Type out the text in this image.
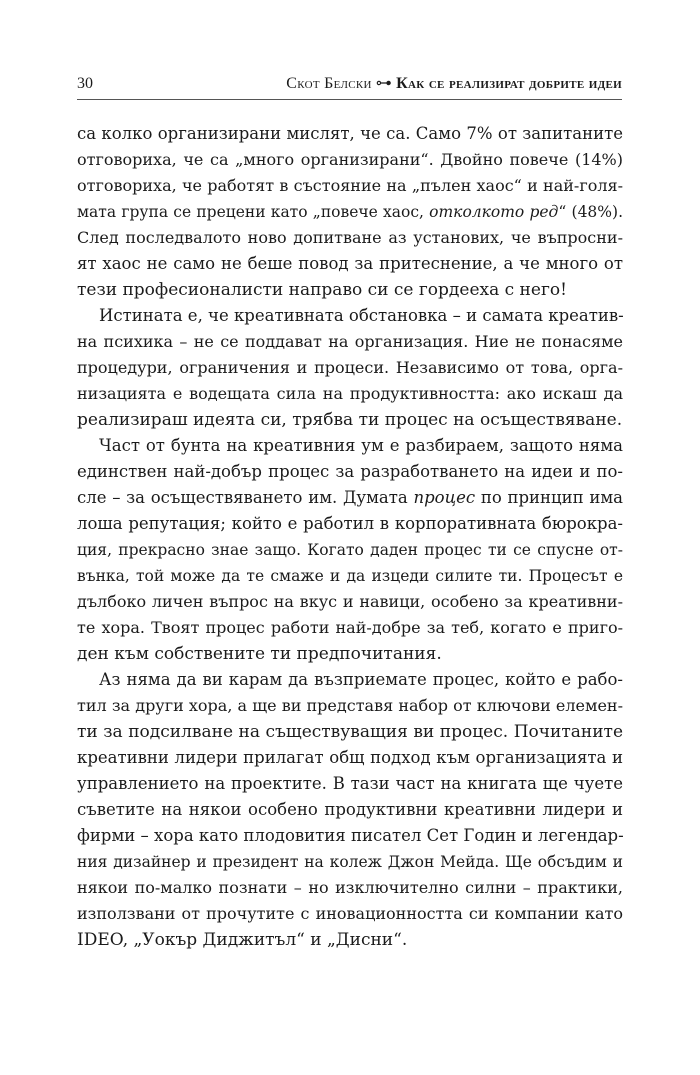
30	Скот Белски ⊶ Как се реализират добрите идеи
са колко организирани мислят, че са. Само 7% от запитаните
отговориха, че са „много организирани“. Двойно повече (14%)
отговориха, че работят в състояние на „пълен хаос“ и най-голя-
мата група се прецени като „повече хаос, отколкото ред“ (48%).
След последвалото ново допитване аз установих, че въпросни-
ят хаос не само не беше повод за притеснение, а че много от
тези професионалисти направо си се гордееха с него!
Истината е, че креативната обстановка – и самата креатив-
на психика – не се поддават на организация. Ние не понасяме
процедури, ограничения и процеси. Независимо от това, орга-
низацията е водещата сила на продуктивността: ако искаш да
реализираш идеята си, трябва ти процес на осъществяване.
Част от бунта на креативния ум е разбираем, защото няма
единствен най-добър процес за разработването на идеи и по-
сле – за осъществяването им. Думата процес по принцип има
лоша репутация; който е работил в корпоративната бюрокра-
ция, прекрасно знае защо. Когато даден процес ти се спусне от-
вънка, той може да те смаже и да изцеди силите ти. Процесът е
дълбоко личен въпрос на вкус и навици, особено за креативни-
те хора. Твоят процес работи най-добре за теб, когато е приго-
ден към собствените ти предпочитания.
Аз няма да ви карам да възприемате процес, който е рабо-
тил за други хора, а ще ви представя набор от ключови елемен-
ти за подсилване на съществуващия ви процес. Почитаните
креативни лидери прилагат общ подход към организацията и
управлението на проектите. В тази част на книгата ще чуете
съветите на някои особено продуктивни креативни лидери и
фирми – хора като плодовития писател Сет Годин и легендар-
ния дизайнер и президент на колеж Джон Мейда. Ще обсъдим и
някои по-малко познати – но изключително силни – практики,
използвани от прочутите с иновационността си компании като
IDEO, „Уокър Диджитъл“ и „Дисни“.
